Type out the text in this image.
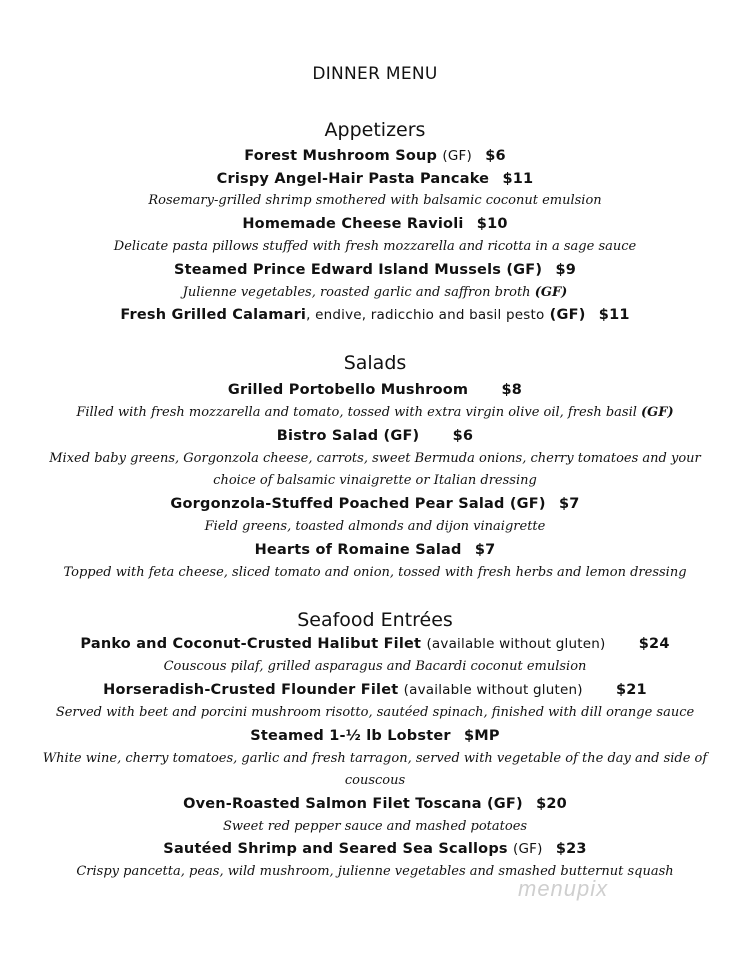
DINNER MENU
Appetizers
Forest Mushroom Soup (GF) $6
Crispy Angel-Hair Pasta Pancake $11
Rosemary-grilled shrimp smothered with balsamic coconut emulsion
Homemade Cheese Ravioli $10
Delicate pasta pillows stuffed with fresh mozzarella and ricotta in a sage sauce
Steamed Prince Edward Island Mussels (GF) $9
Julienne vegetables, roasted garlic and saffron broth (GF)
Fresh Grilled Calamari, endive, radicchio and basil pesto (GF) $11
Salads
Grilled Portobello Mushroom $8
Filled with fresh mozzarella and tomato, tossed with extra virgin olive oil, fresh basil (GF)
Bistro Salad (GF) $6
Mixed baby greens, Gorgonzola cheese, carrots, sweet Bermuda onions, cherry tomatoes and your
choice of balsamic vinaigrette or Italian dressing
Gorgonzola-Stuffed Poached Pear Salad (GF) $7
Field greens, toasted almonds and dijon vinaigrette
Hearts of Romaine Salad $7
Topped with feta cheese, sliced tomato and onion, tossed with fresh herbs and lemon dressing
Seafood Entrées
Panko and Coconut-Crusted Halibut Filet (available without gluten) $24
Couscous pilaf, grilled asparagus and Bacardi coconut emulsion
Horseradish-Crusted Flounder Filet (available without gluten) $21
Served with beet and porcini mushroom risotto, sautéed spinach, finished with dill orange sauce
Steamed 1-½ lb Lobster $MP
White wine, cherry tomatoes, garlic and fresh tarragon, served with vegetable of the day and side of
couscous
Oven-Roasted Salmon Filet Toscana (GF) $20
Sweet red pepper sauce and mashed potatoes
Sautéed Shrimp and Seared Sea Scallops (GF) $23
Crispy pancetta, peas, wild mushroom, julienne vegetables and smashed butternut squash
menupix
